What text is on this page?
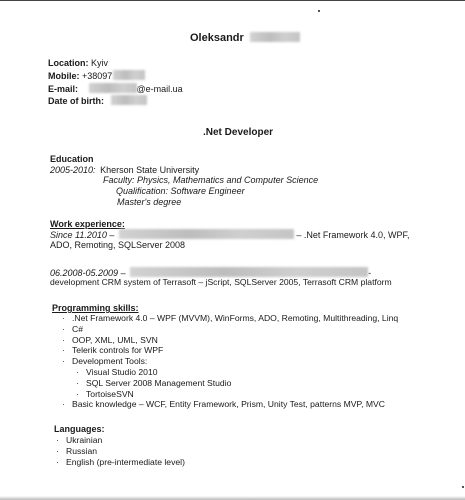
Oleksandr
Location: Kyiv
Mobile: +38097
E-mail:	@e-mail.ua
Date of birth:
.Net Developer
Education
2005-2010: Kherson State University
Faculty: Physics, Mathematics and Computer Science
Qualification: Software Engineer
Master's degree
Work experience:
Since 11.2010 –	– .Net Framework 4.0, WPF,
ADO, Remoting, SQLServer 2008
06.2008-05.2009 –	-
development CRM system of Terrasoft – jScript, SQLServer 2005, Terrasoft CRM platform
Programming skills:
· .Net Framework 4.0 – WPF (MVVM), WinForms, ADO, Remoting, Multithreading, Linq
· C#
· OOP, XML, UML, SVN
· Telerik controls for WPF
· Development Tools:
· Visual Studio 2010
· SQL Server 2008 Management Studio
· TortoiseSVN
· Basic knowledge – WCF, Entity Framework, Prism, Unity Test, patterns MVP, MVC
Languages:
· Ukrainian
· Russian
· English (pre-intermediate level)
